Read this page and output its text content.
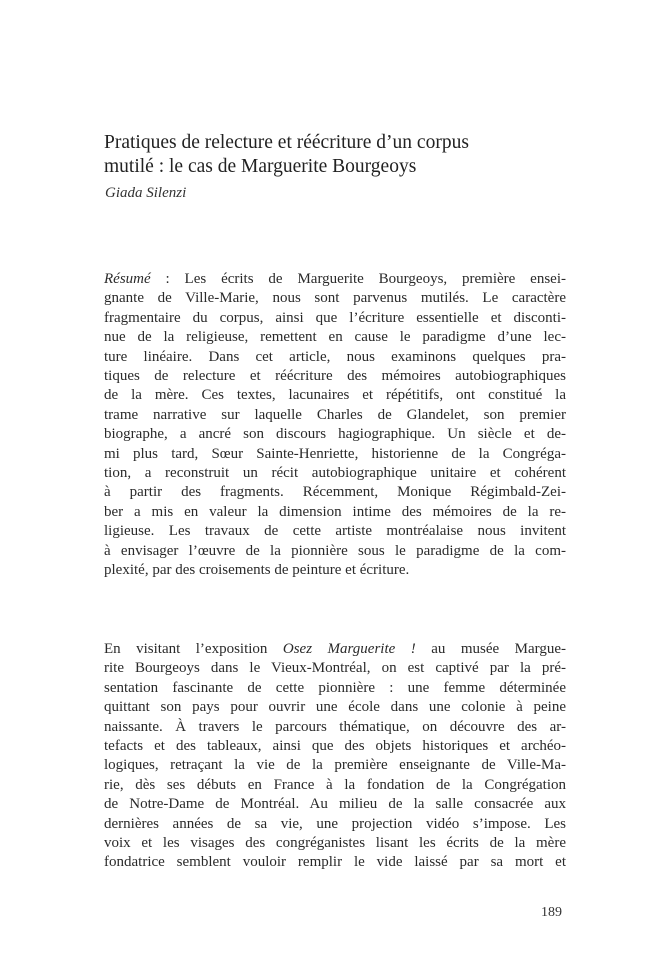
Pratiques de relecture et réécriture d’un corpus
mutilé : le cas de Marguerite Bourgeoys
Giada Silenzi
Résumé : Les écrits de Marguerite Bourgeoys, première ensei-
gnante de Ville-Marie, nous sont parvenus mutilés. Le caractère
fragmentaire du corpus, ainsi que l’écriture essentielle et disconti-
nue de la religieuse, remettent en cause le paradigme d’une lec-
ture linéaire. Dans cet article, nous examinons quelques pra-
tiques de relecture et réécriture des mémoires autobiographiques
de la mère. Ces textes, lacunaires et répétitifs, ont constitué la
trame narrative sur laquelle Charles de Glandelet, son premier
biographe, a ancré son discours hagiographique. Un siècle et de-
mi plus tard, Sœur Sainte-Henriette, historienne de la Congréga-
tion, a reconstruit un récit autobiographique unitaire et cohérent
à partir des fragments. Récemment, Monique Régimbald-Zei-
ber a mis en valeur la dimension intime des mémoires de la re-
ligieuse. Les travaux de cette artiste montréalaise nous invitent
à envisager l’œuvre de la pionnière sous le paradigme de la com-
plexité, par des croisements de peinture et écriture.
En visitant l’exposition Osez Marguerite ! au musée Margue-
rite Bourgeoys dans le Vieux-Montréal, on est captivé par la pré-
sentation fascinante de cette pionnière : une femme déterminée
quittant son pays pour ouvrir une école dans une colonie à peine
naissante. À travers le parcours thématique, on découvre des ar-
tefacts et des tableaux, ainsi que des objets historiques et archéo-
logiques, retraçant la vie de la première enseignante de Ville-Ma-
rie, dès ses débuts en France à la fondation de la Congrégation
de Notre-Dame de Montréal. Au milieu de la salle consacrée aux
dernières années de sa vie, une projection vidéo s’impose. Les
voix et les visages des congréganistes lisant les écrits de la mère
fondatrice semblent vouloir remplir le vide laissé par sa mort et
189
